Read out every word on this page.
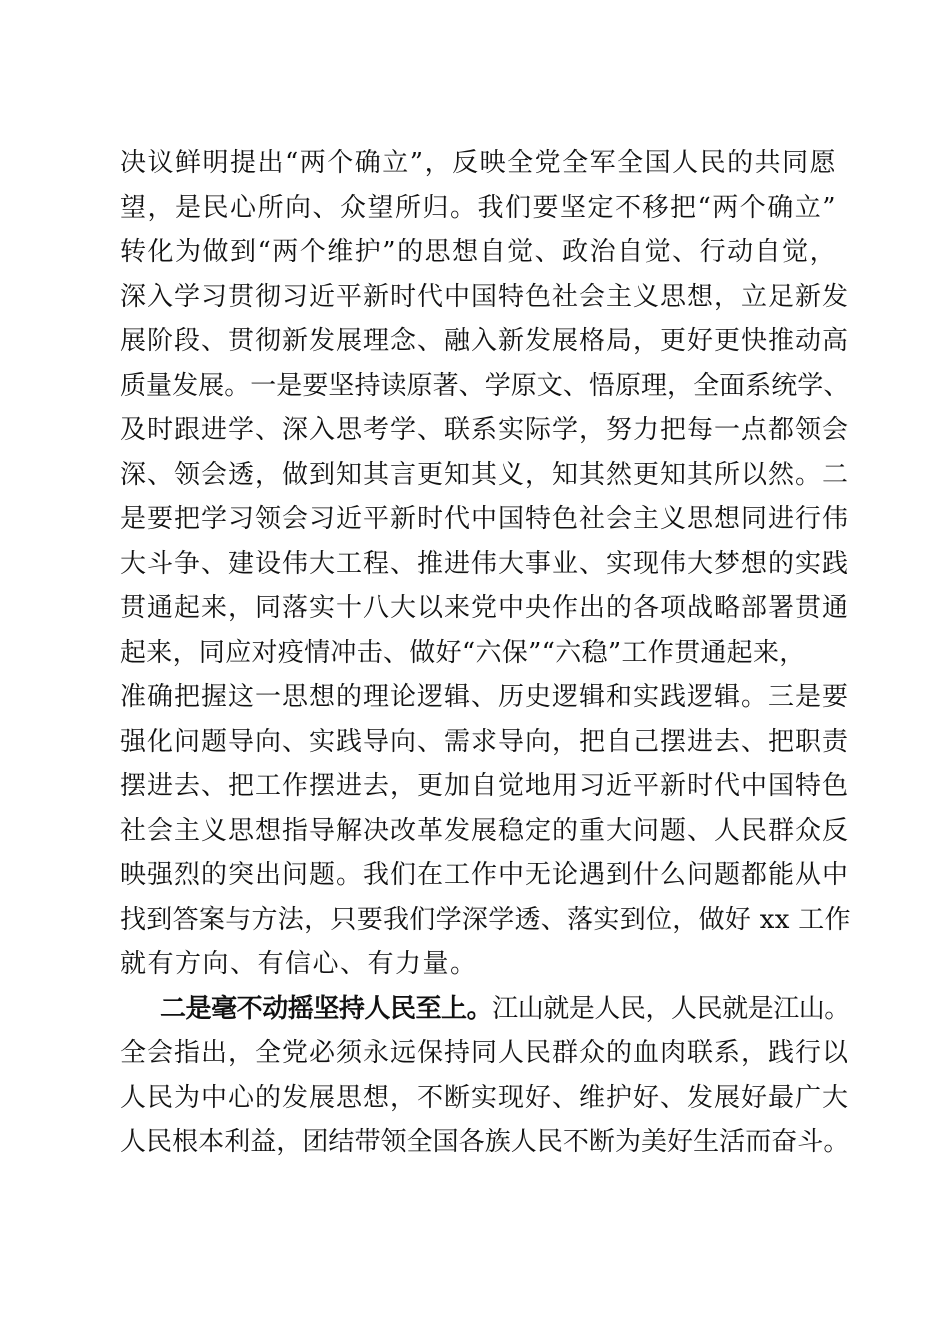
决议鲜明提出“两个确立”，反映全党全军全国人民的共同愿
望，是民心所向、众望所归。我们要坚定不移把“两个确立”
转化为做到“两个维护”的思想自觉、政治自觉、行动自觉，
深入学习贯彻习近平新时代中国特色社会主义思想，立足新发
展阶段、贯彻新发展理念、融入新发展格局，更好更快推动高
质量发展。一是要坚持读原著、学原文、悟原理，全面系统学、
及时跟进学、深入思考学、联系实际学，努力把每一点都领会
深、领会透，做到知其言更知其义，知其然更知其所以然。二
是要把学习领会习近平新时代中国特色社会主义思想同进行伟
大斗争、建设伟大工程、推进伟大事业、实现伟大梦想的实践
贯通起来，同落实十八大以来党中央作出的各项战略部署贯通
起来，同应对疫情冲击、做好“六保”“六稳”工作贯通起来，
准确把握这一思想的理论逻辑、历史逻辑和实践逻辑。三是要
强化问题导向、实践导向、需求导向，把自己摆进去、把职责
摆进去、把工作摆进去，更加自觉地用习近平新时代中国特色
社会主义思想指导解决改革发展稳定的重大问题、人民群众反
映强烈的突出问题。我们在工作中无论遇到什么问题都能从中
找到答案与方法，只要我们学深学透、落实到位，做好 xx 工作
就有方向、有信心、有力量。
二是毫不动摇坚持人民至上。江山就是人民，人民就是江山。
全会指出，全党必须永远保持同人民群众的血肉联系，践行以
人民为中心的发展思想，不断实现好、维护好、发展好最广大
人民根本利益，团结带领全国各族人民不断为美好生活而奋斗。
